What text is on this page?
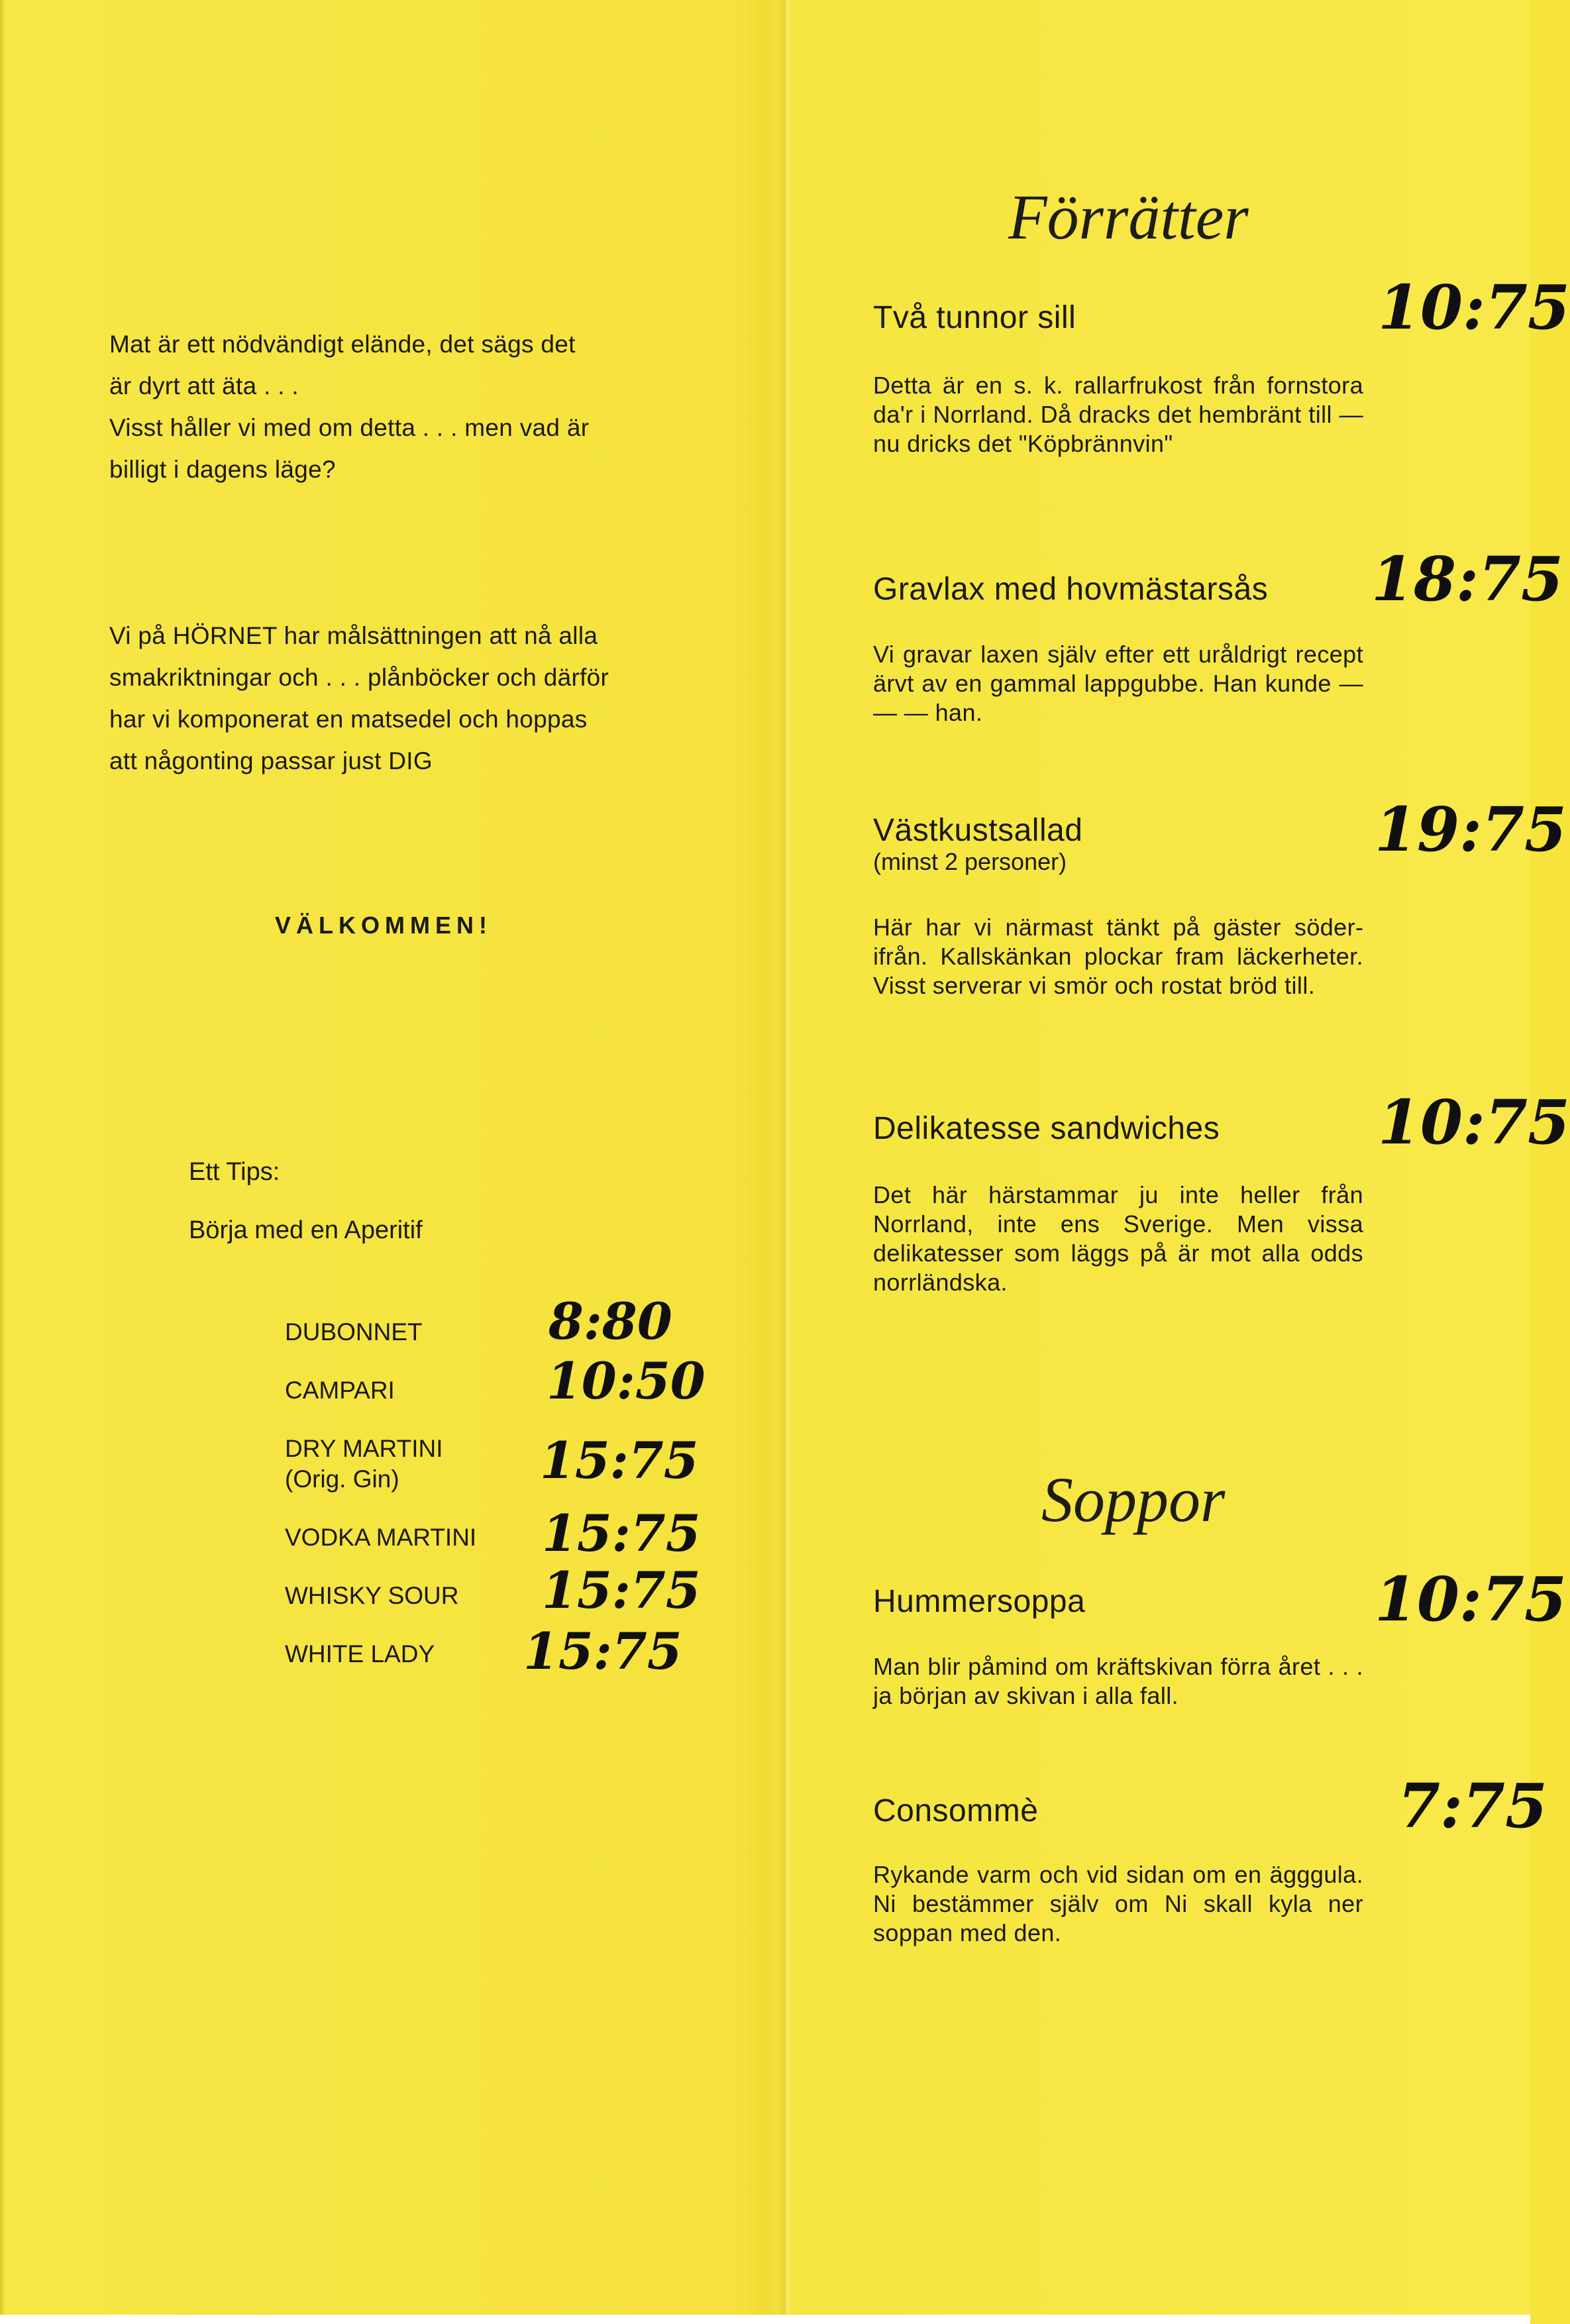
Mat är ett nödvändigt elände, det sägs det

är dyrt att äta . . .

Visst håller vi med om detta . . . men vad är

billigt i dagens läge?

Vi på HÖRNET har målsättningen att nå alla

smakriktningar och . . . plånböcker och därför

har vi komponerat en matsedel och hoppas

att någonting passar just DIG

VÄLKOMMEN!
Ett Tips:
Börja med en Aperitif
DUBONNET	8:80
CAMPARI	10:50
DRY MARTINI
(Orig. Gin)	15:75
VODKA MARTINI	15:75
WHISKY SOUR	15:75
WHITE LADY	15:75
Förrätter
Två tunnor sill	10:75
Detta är en s. k. rallarfrukost från fornstora da'r i Norrland. Då dracks det hembränt till — nu dricks det "Köpbrännvin"
Gravlax med hovmästarsås 18:75
Vi gravar laxen själv efter ett uråldrigt recept ärvt av en gammal lappgubbe. Han kunde — — — han.
Västkustsallad
(minst 2 personer)	19:75
Här har vi närmast tänkt på gäster söderifrån. Kallskänkan plockar fram läckerheter. Visst serverar vi smör och rostat bröd till.
Delikatesse sandwiches	10:75
Det här härstammar ju inte heller från Norrland, inte ens Sverige. Men vissa delikatesser som läggs på är mot alla odds norrländska.
Soppor
Hummersoppa	10:75
Man blir påmind om kräftskivan förra året . . . ja början av skivan i alla fall.
Consommè	7:75
Rykande varm och vid sidan om en ägggula. Ni bestämmer själv om Ni skall kyla ner soppan med den.
